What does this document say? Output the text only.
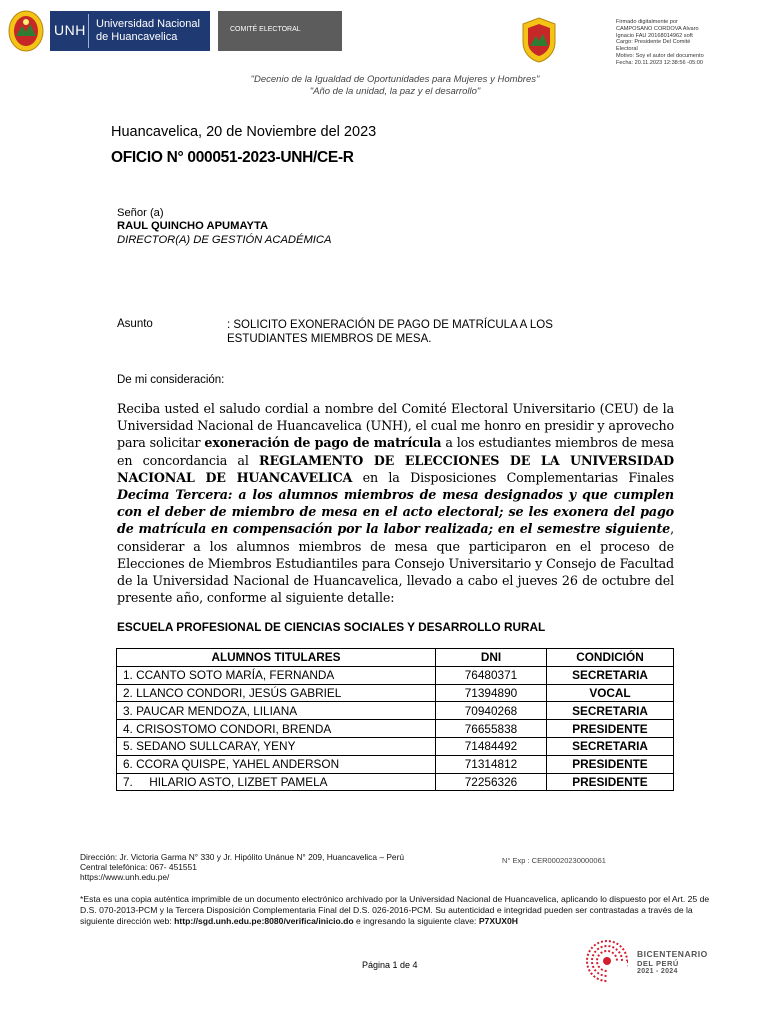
UNH Universidad Nacional
de Huancavelica
COMITÉ ELECTORAL
Firmado digitalmente por
CAMPOSANO CORDOVA Alvaro
Ignacio FAU 20168014962 soft
Cargo: Presidente Del Comité
Electoral
Motivo: Soy el autor del documento
Fecha: 20.11.2023 12:38:56 -05:00
"Decenio de la Igualdad de Oportunidades para Mujeres y Hombres"
"Año de la unidad, la paz y el desarrollo"
Huancavelica, 20 de Noviembre del 2023
OFICIO N° 000051-2023-UNH/CE-R
Señor (a)
RAUL QUINCHO APUMAYTA
DIRECTOR(A) DE GESTIÓN ACADÉMICA
Asunto	: SOLICITO EXONERACIÓN DE PAGO DE MATRÍCULA A LOS ESTUDIANTES MIEMBROS DE MESA.
De mi consideración:
Reciba usted el saludo cordial a nombre del Comité Electoral Universitario (CEU) de la Universidad Nacional de Huancavelica (UNH), el cual me honro en presidir y aprovecho para solicitar exoneración de pago de matrícula a los estudiantes miembros de mesa en concordancia al REGLAMENTO DE ELECCIONES DE LA UNIVERSIDAD NACIONAL DE HUANCAVELICA en la Disposiciones Complementarias Finales Decima Tercera: a los alumnos miembros de mesa designados y que cumplen con el deber de miembro de mesa en el acto electoral; se les exonera del pago de matrícula en compensación por la labor realizada; en el semestre siguiente, considerar a los alumnos miembros de mesa que participaron en el proceso de Elecciones de Miembros Estudiantiles para Consejo Universitario y Consejo de Facultad de la Universidad Nacional de Huancavelica, llevado a cabo el jueves 26 de octubre del presente año, conforme al siguiente detalle:
ESCUELA PROFESIONAL DE CIENCIAS SOCIALES Y DESARROLLO RURAL
ALUMNOS TITULARES	DNI	CONDICIÓN
1. CCANTO SOTO MARÍA, FERNANDA	76480371	SECRETARIA
2. LLANCO CONDORI, JESÚS GABRIEL	71394890	VOCAL
3. PAUCAR MENDOZA, LILIANA	70940268	SECRETARIA
4. CRISOSTOMO CONDORI, BRENDA	76655838	PRESIDENTE
5. SEDANO SULLCARAY, YENY	71484492	SECRETARIA
6. CCORA QUISPE, YAHEL ANDERSON	71314812	PRESIDENTE
7.     HILARIO ASTO, LIZBET PAMELA	72256326	PRESIDENTE
Dirección: Jr. Victoria Garma N° 330 y Jr. Hipólito Unánue N° 209, Huancavelica – Perú
Central telefónica: 067- 451551
https://www.unh.edu.pe/
N° Exp : CER00020230000061
*Esta es una copia auténtica imprimible de un documento electrónico archivado por la Universidad Nacional de Huancavelica, aplicando lo dispuesto por el Art. 25 de D.S. 070-2013-PCM y la Tercera Disposición Complementaria Final del D.S. 026-2016-PCM. Su autenticidad e integridad pueden ser contrastadas a través de la siguiente dirección web: http://sgd.unh.edu.pe:8080/verifica/inicio.do e ingresando la siguiente clave: P7XUX0H
Página 1 de 4
BICENTENARIO
DEL PERÚ
2021 - 2024
